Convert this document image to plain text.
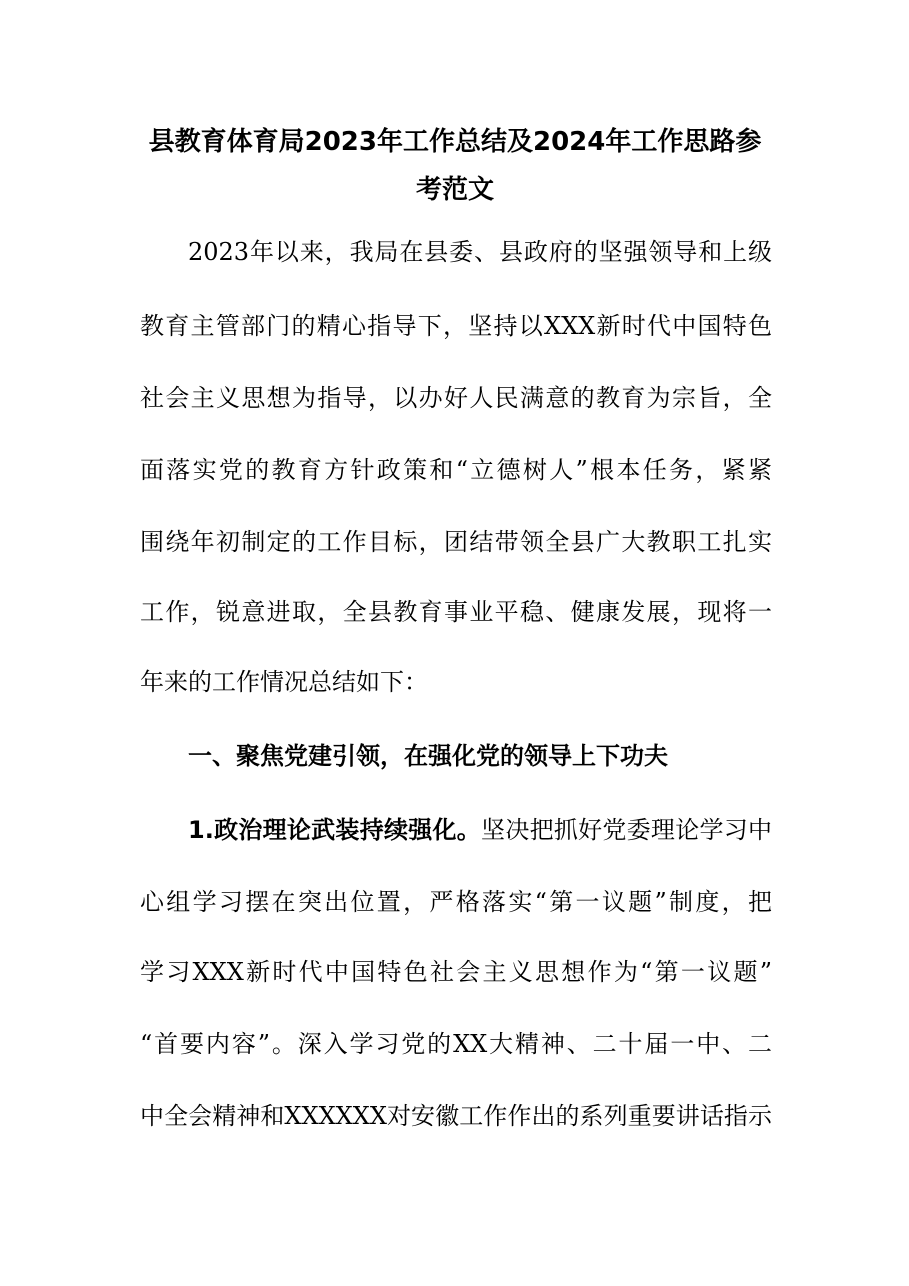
县教育体育局2023年工作总结及2024年工作思路参
考范文
2023年以来，我局在县委、县政府的坚强领导和上级
教育主管部门的精心指导下，坚持以XXX新时代中国特色
社会主义思想为指导，以办好人民满意的教育为宗旨，全
面落实党的教育方针政策和“立德树人”根本任务，紧紧
围绕年初制定的工作目标，团结带领全县广大教职工扎实
工作，锐意进取，全县教育事业平稳、健康发展，现将一
年来的工作情况总结如下：
一、聚焦党建引领，在强化党的领导上下功夫
1.政治理论武装持续强化。坚决把抓好党委理论学习中
心组学习摆在突出位置，严格落实“第一议题”制度，把
学习XXX新时代中国特色社会主义思想作为“第一议题”
“首要内容”。深入学习党的XX大精神、二十届一中、二
中全会精神和XXXXXX对安徽工作作出的系列重要讲话指示
